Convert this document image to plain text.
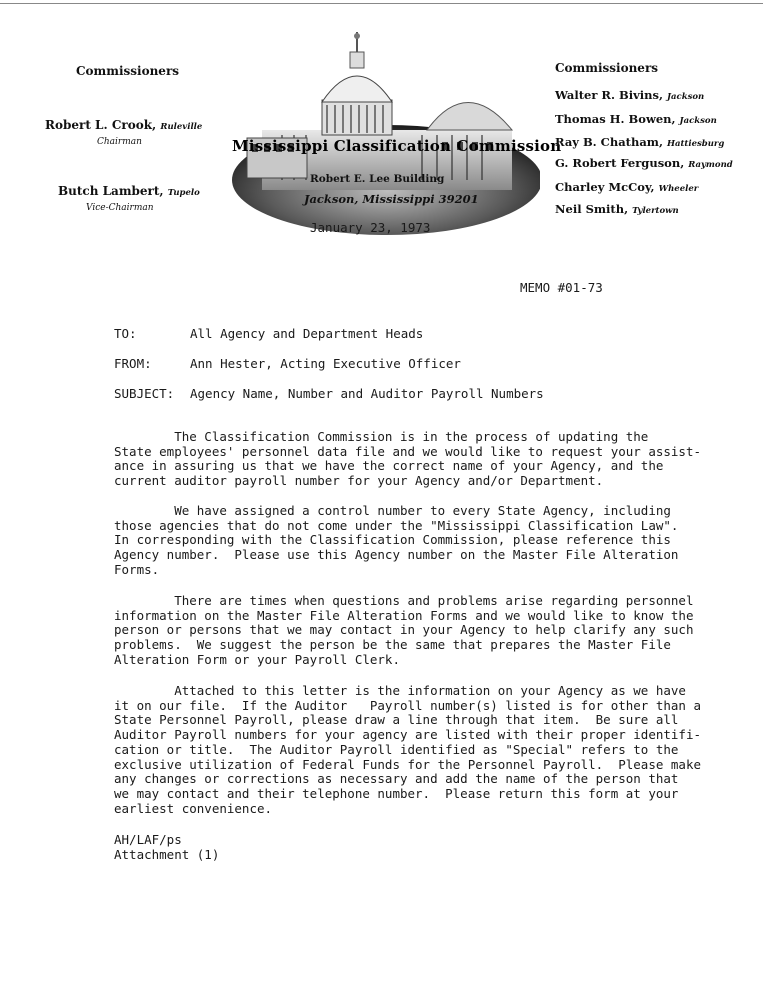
Commissioners
Robert L. Crook, Ruleville
Chairman
Butch Lambert, Tupelo
Vice-Chairman
Mississippi Classification Commission
Robert E. Lee Building
Jackson, Mississippi 39201
Commissioners
Walter R. Bivins, Jackson
Thomas H. Bowen, Jackson
Ray B. Chatham, Hattiesburg
G. Robert Ferguson, Raymond
Charley McCoy, Wheeler
Neil Smith, Tylertown
January 23, 1973
MEMO #01-73
TO:	All Agency and Department Heads
FROM:	Ann Hester, Acting Executive Officer
SUBJECT: Agency Name, Number and Auditor Payroll Numbers
The Classification Commission is in the process of updating the
State employees' personnel data file and we would like to request your assist-
ance in assuring us that we have the correct name of your Agency, and the
current auditor payroll number for your Agency and/or Department.
We have assigned a control number to every State Agency, including
those agencies that do not come under the "Mississippi Classification Law".
In corresponding with the Classification Commission, please reference this
Agency number.  Please use this Agency number on the Master File Alteration
Forms.
There are times when questions and problems arise regarding personnel
information on the Master File Alteration Forms and we would like to know the
person or persons that we may contact in your Agency to help clarify any such
problems.  We suggest the person be the same that prepares the Master File
Alteration Form or your Payroll Clerk.
Attached to this letter is the information on your Agency as we have
it on our file.  If the Auditor   Payroll number(s) listed is for other than a
State Personnel Payroll, please draw a line through that item.  Be sure all
Auditor Payroll numbers for your agency are listed with their proper identifi-
cation or title.  The Auditor Payroll identified as "Special" refers to the
exclusive utilization of Federal Funds for the Personnel Payroll.  Please make
any changes or corrections as necessary and add the name of the person that
we may contact and their telephone number.  Please return this form at your
earliest convenience.
AH/LAF/ps
Attachment (1)
